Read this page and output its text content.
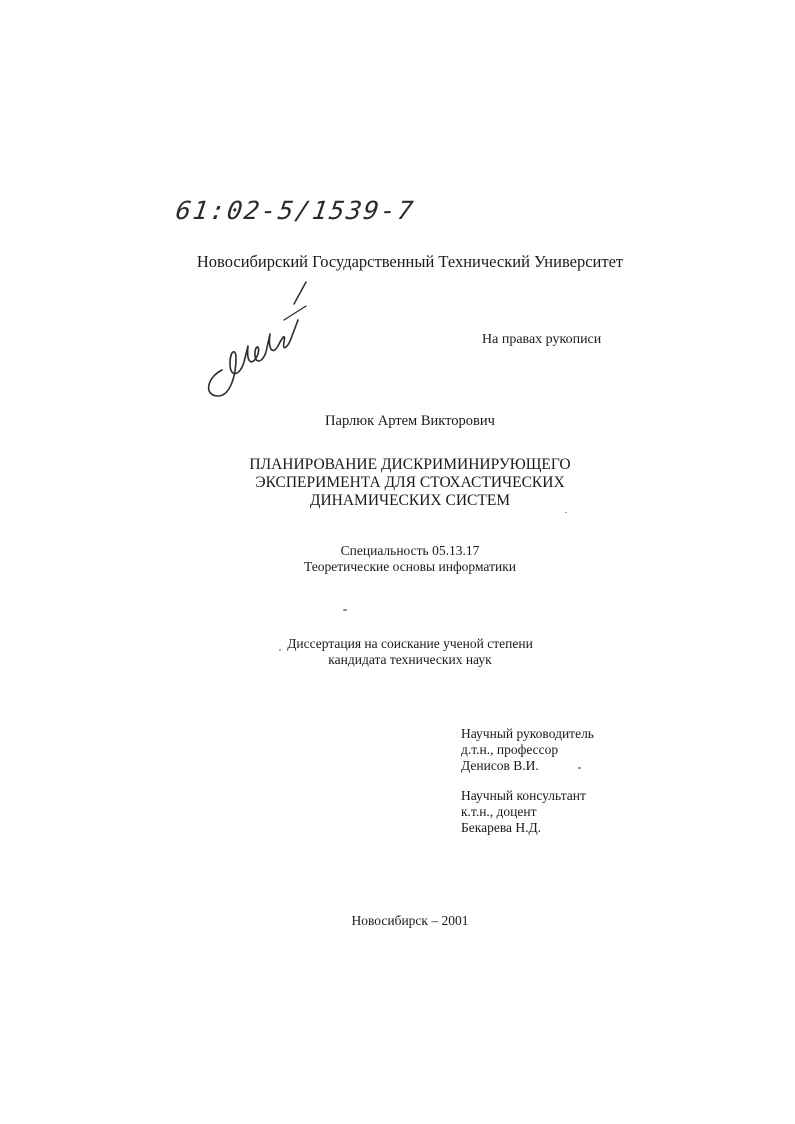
61:02-5/1539-7
Новосибирский Государственный Технический Университет
На правах рукописи
Парлюк Артем Викторович
ПЛАНИРОВАНИЕ ДИСКРИМИНИРУЮЩЕГО
ЭКСПЕРИМЕНТА ДЛЯ СТОХАСТИЧЕСКИХ
ДИНАМИЧЕСКИХ СИСТЕМ
Специальность 05.13.17
Теоретические основы информатики
Диссертация на соискание ученой степени
кандидата технических наук
Научный руководитель
д.т.н., профессор
Денисов В.И.
Научный консультант
к.т.н., доцент
Бекарева Н.Д.
Новосибирск – 2001
